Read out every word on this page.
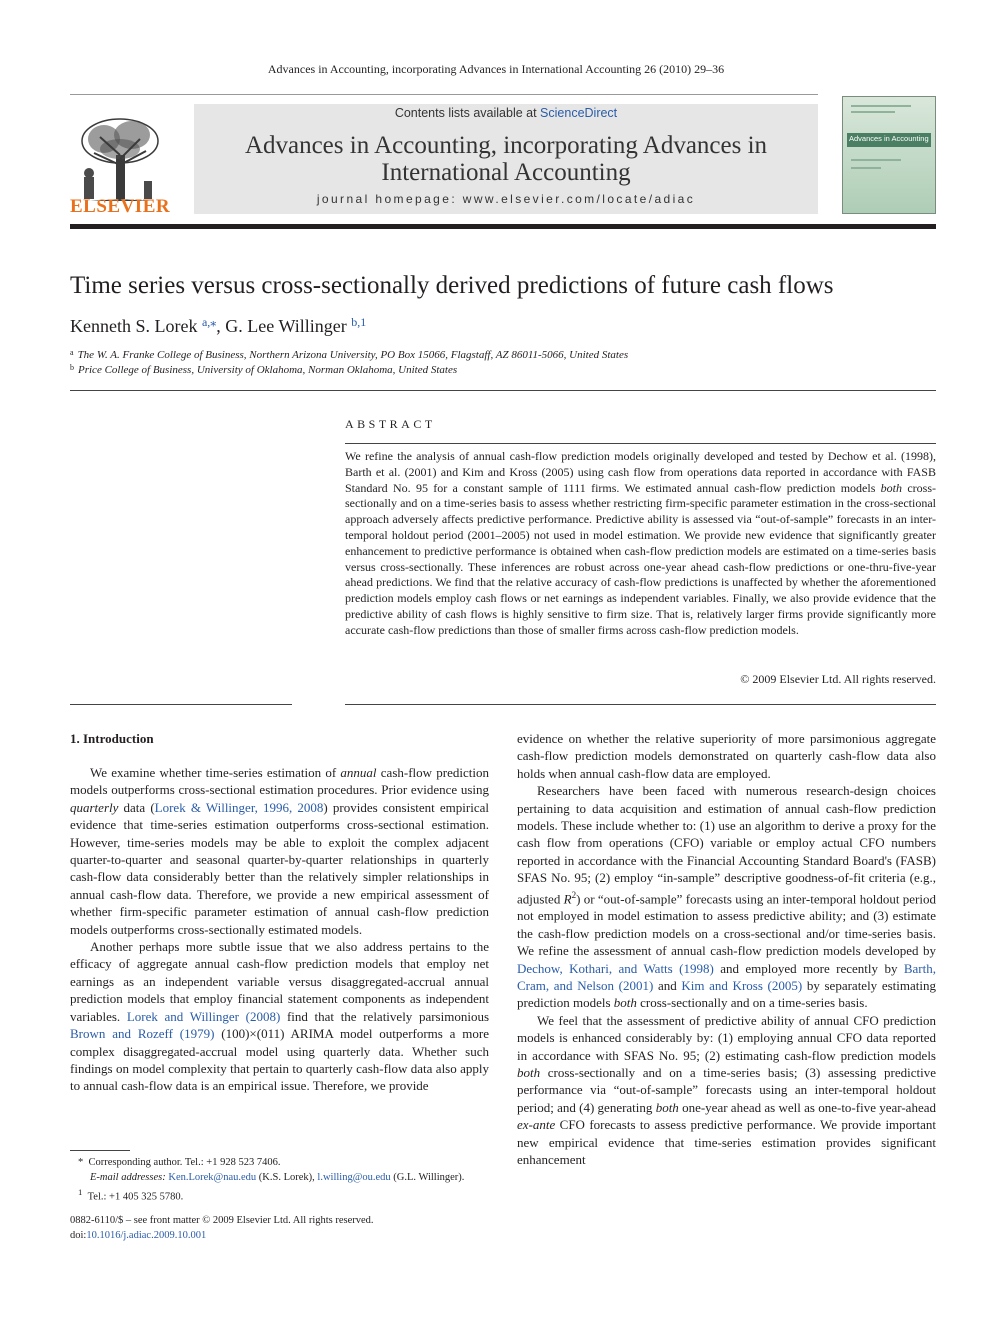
Advances in Accounting, incorporating Advances in International Accounting 26 (2010) 29–36
ELSEVIER
Contents lists available at ScienceDirect
Advances in Accounting, incorporating Advances in
International Accounting
journal homepage: www.elsevier.com/locate/adiac
Advances in Accounting
Time series versus cross-sectionally derived predictions of future cash flows
Kenneth S. Lorek $^{a,⁎}$, G. Lee Willinger $^{b,1}$
$^a$ The W. A. Franke College of Business, Northern Arizona University, PO Box 15066, Flagstaff, AZ 86011-5066, United States
$^b$ Price College of Business, University of Oklahoma, Norman Oklahoma, United States
ABSTRACT
We refine the analysis of annual cash-flow prediction models originally developed and tested by Dechow et al. (1998), Barth et al. (2001) and Kim and Kross (2005) using cash flow from operations data reported in accordance with FASB Standard No. 95 for a constant sample of 1111 firms. We estimated annual cash-flow prediction models both cross-sectionally and on a time-series basis to assess whether restricting firm-specific parameter estimation in the cross-sectional approach adversely affects predictive performance. Predictive ability is assessed via “out-of-sample” forecasts in an inter-temporal holdout period (2001–2005) not used in model estimation. We provide new evidence that significantly greater enhancement to predictive performance is obtained when cash-flow prediction models are estimated on a time-series basis versus cross-sectionally. These inferences are robust across one-year ahead cash-flow predictions or one-thru-five-year ahead predictions. We find that the relative accuracy of cash-flow predictions is unaffected by whether the aforementioned prediction models employ cash flows or net earnings as independent variables. Finally, we also provide evidence that the predictive ability of cash flows is highly sensitive to firm size. That is, relatively larger firms provide significantly more accurate cash-flow predictions than those of smaller firms across cash-flow prediction models.
© 2009 Elsevier Ltd. All rights reserved.
1. Introduction

We examine whether time-series estimation of annual cash-flow prediction models outperforms cross-sectional estimation procedures. Prior evidence using quarterly data (Lorek & Willinger, 1996, 2008) provides consistent empirical evidence that time-series estimation outperforms cross-sectional estimation. However, time-series models may be able to exploit the complex adjacent quarter-to-quarter and seasonal quarter-by-quarter relationships in quarterly cash-flow data considerably better than the relatively simpler relationships in annual cash-flow data. Therefore, we provide a new empirical assessment of whether firm-specific parameter estimation of annual cash-flow prediction models outperforms cross-sectionally estimated models.

Another perhaps more subtle issue that we also address pertains to the efficacy of aggregate annual cash-flow prediction models that employ net earnings as an independent variable versus disaggregated-accrual annual prediction models that employ financial statement components as independent variables. Lorek and Willinger (2008) find that the relatively parsimonious Brown and Rozeff (1979) (100)×(011) ARIMA model outperforms a more complex disaggregated-accrual model using quarterly data. Whether such findings on model complexity that pertain to quarterly cash-flow data also apply to annual cash-flow data is an empirical issue. Therefore, we provide

evidence on whether the relative superiority of more parsimonious aggregate cash-flow prediction models demonstrated on quarterly cash-flow data also holds when annual cash-flow data are employed.

Researchers have been faced with numerous research-design choices pertaining to data acquisition and estimation of annual cash-flow prediction models. These include whether to: (1) use an algorithm to derive a proxy for the cash flow from operations (CFO) variable or employ actual CFO numbers reported in accordance with the Financial Accounting Standard Board's (FASB) SFAS No. 95; (2) employ “in-sample” descriptive goodness-of-fit criteria (e.g., adjusted $R^2$) or “out-of-sample” forecasts using an inter-temporal holdout period not employed in model estimation to assess predictive ability; and (3) estimate the cash-flow prediction models on a cross-sectional and/or time-series basis. We refine the assessment of annual cash-flow prediction models developed by Dechow, Kothari, and Watts (1998) and employed more recently by Barth, Cram, and Nelson (2001) and Kim and Kross (2005) by separately estimating prediction models both cross-sectionally and on a time-series basis.

We feel that the assessment of predictive ability of annual CFO prediction models is enhanced considerably by: (1) employing annual CFO data reported in accordance with SFAS No. 95; (2) estimating cash-flow prediction models both cross-sectionally and on a time-series basis; (3) assessing predictive performance via “out-of-sample” forecasts using an inter-temporal holdout period; and (4) generating both one-year ahead as well as one-to-five year-ahead ex-ante CFO forecasts to assess predictive performance. We provide important new empirical evidence that time-series estimation provides significant enhancement

* Corresponding author. Tel.: +1 928 523 7406.
E-mail addresses: Ken.Lorek@nau.edu (K.S. Lorek), l.willing@ou.edu (G.L. Willinger).
$^1$ Tel.: +1 405 325 5780.
0882-6110/$ – see front matter © 2009 Elsevier Ltd. All rights reserved.
doi:10.1016/j.adiac.2009.10.001
